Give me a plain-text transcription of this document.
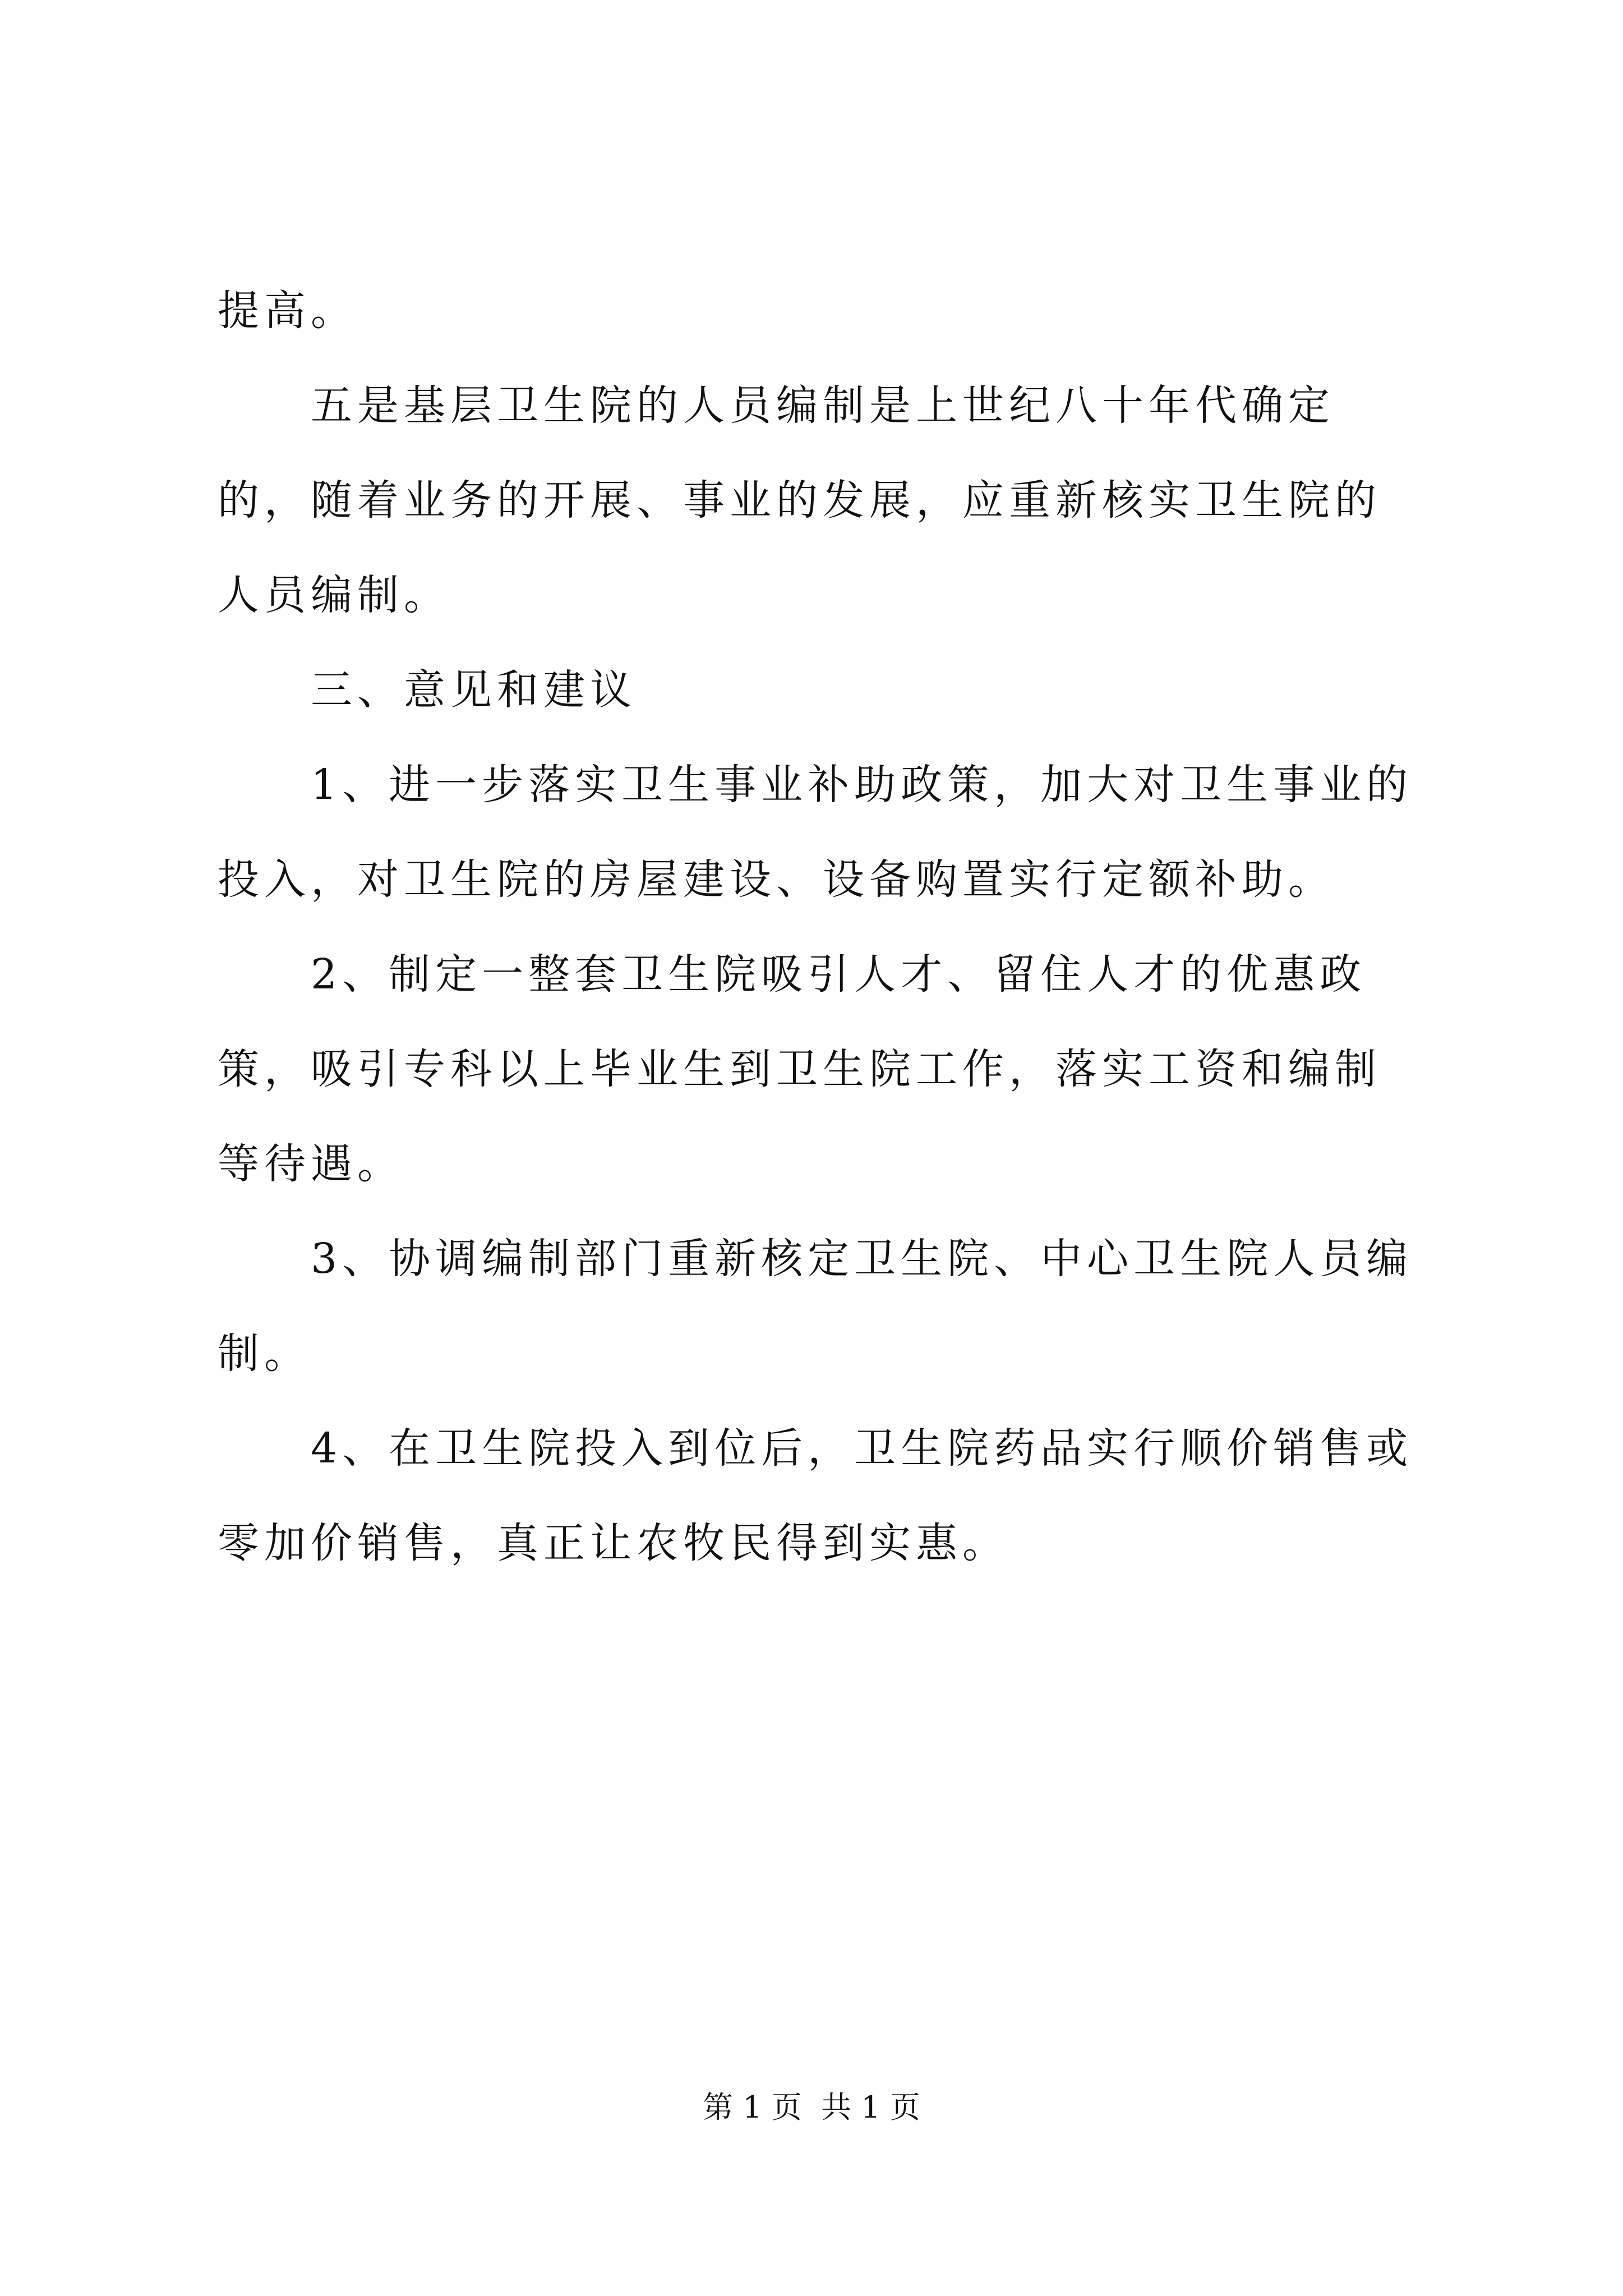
提高。

五是基层卫生院的人员编制是上世纪八十年代确定的，随着业务的开展、事业的发展，应重新核实卫生院的人员编制。

三、意见和建议

1、进一步落实卫生事业补助政策，加大对卫生事业的投入，对卫生院的房屋建设、设备购置实行定额补助。

2、制定一整套卫生院吸引人才、留住人才的优惠政策，吸引专科以上毕业生到卫生院工作，落实工资和编制等待遇。

3、协调编制部门重新核定卫生院、中心卫生院人员编制。

4、在卫生院投入到位后，卫生院药品实行顺价销售或零加价销售，真正让农牧民得到实惠。

第 1 页 共 1 页
